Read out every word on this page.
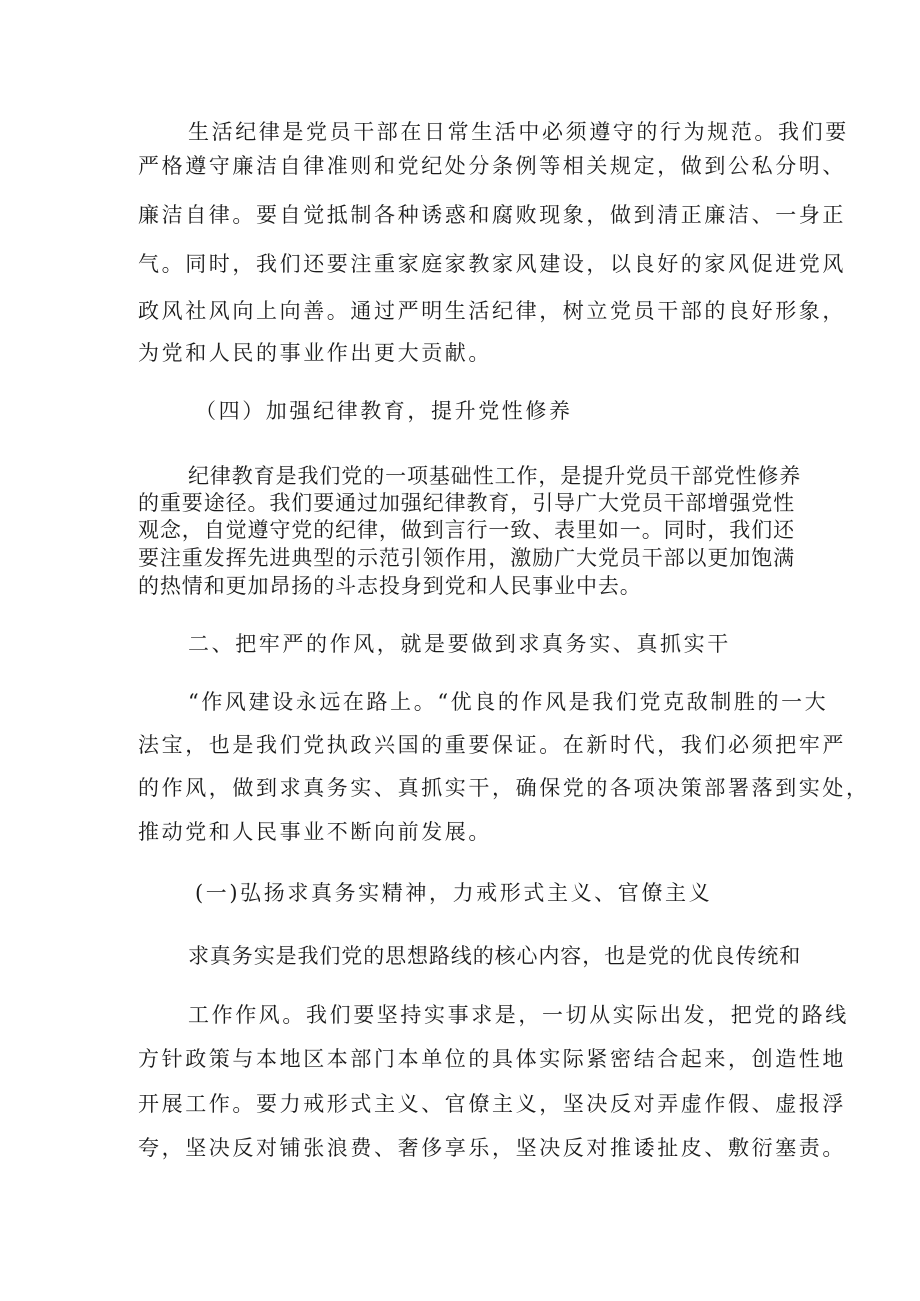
生活纪律是党员干部在日常生活中必须遵守的行为规范。我们要
严格遵守廉洁自律准则和党纪处分条例等相关规定，做到公私分明、
廉洁自律。要自觉抵制各种诱惑和腐败现象，做到清正廉洁、一身正
气。同时，我们还要注重家庭家教家风建设，以良好的家风促进党风
政风社风向上向善。通过严明生活纪律，树立党员干部的良好形象，
为党和人民的事业作出更大贡献。
（四）加强纪律教育，提升党性修养
纪律教育是我们党的一项基础性工作，是提升党员干部党性修养
的重要途径。我们要通过加强纪律教育，引导广大党员干部增强党性
观念，自觉遵守党的纪律，做到言行一致、表里如一。同时，我们还
要注重发挥先进典型的示范引领作用，激励广大党员干部以更加饱满
的热情和更加昂扬的斗志投身到党和人民事业中去。
二、把牢严的作风，就是要做到求真务实、真抓实干
“作风建设永远在路上。“优良的作风是我们党克敌制胜的一大
法宝，也是我们党执政兴国的重要保证。在新时代，我们必须把牢严
的作风，做到求真务实、真抓实干，确保党的各项决策部署落到实处，
推动党和人民事业不断向前发展。
(一)弘扬求真务实精神，力戒形式主义、官僚主义
求真务实是我们党的思想路线的核心内容，也是党的优良传统和
工作作风。我们要坚持实事求是，一切从实际出发，把党的路线
方针政策与本地区本部门本单位的具体实际紧密结合起来，创造性地
开展工作。要力戒形式主义、官僚主义，坚决反对弄虚作假、虚报浮
夸，坚决反对铺张浪费、奢侈享乐，坚决反对推诿扯皮、敷衍塞责。
